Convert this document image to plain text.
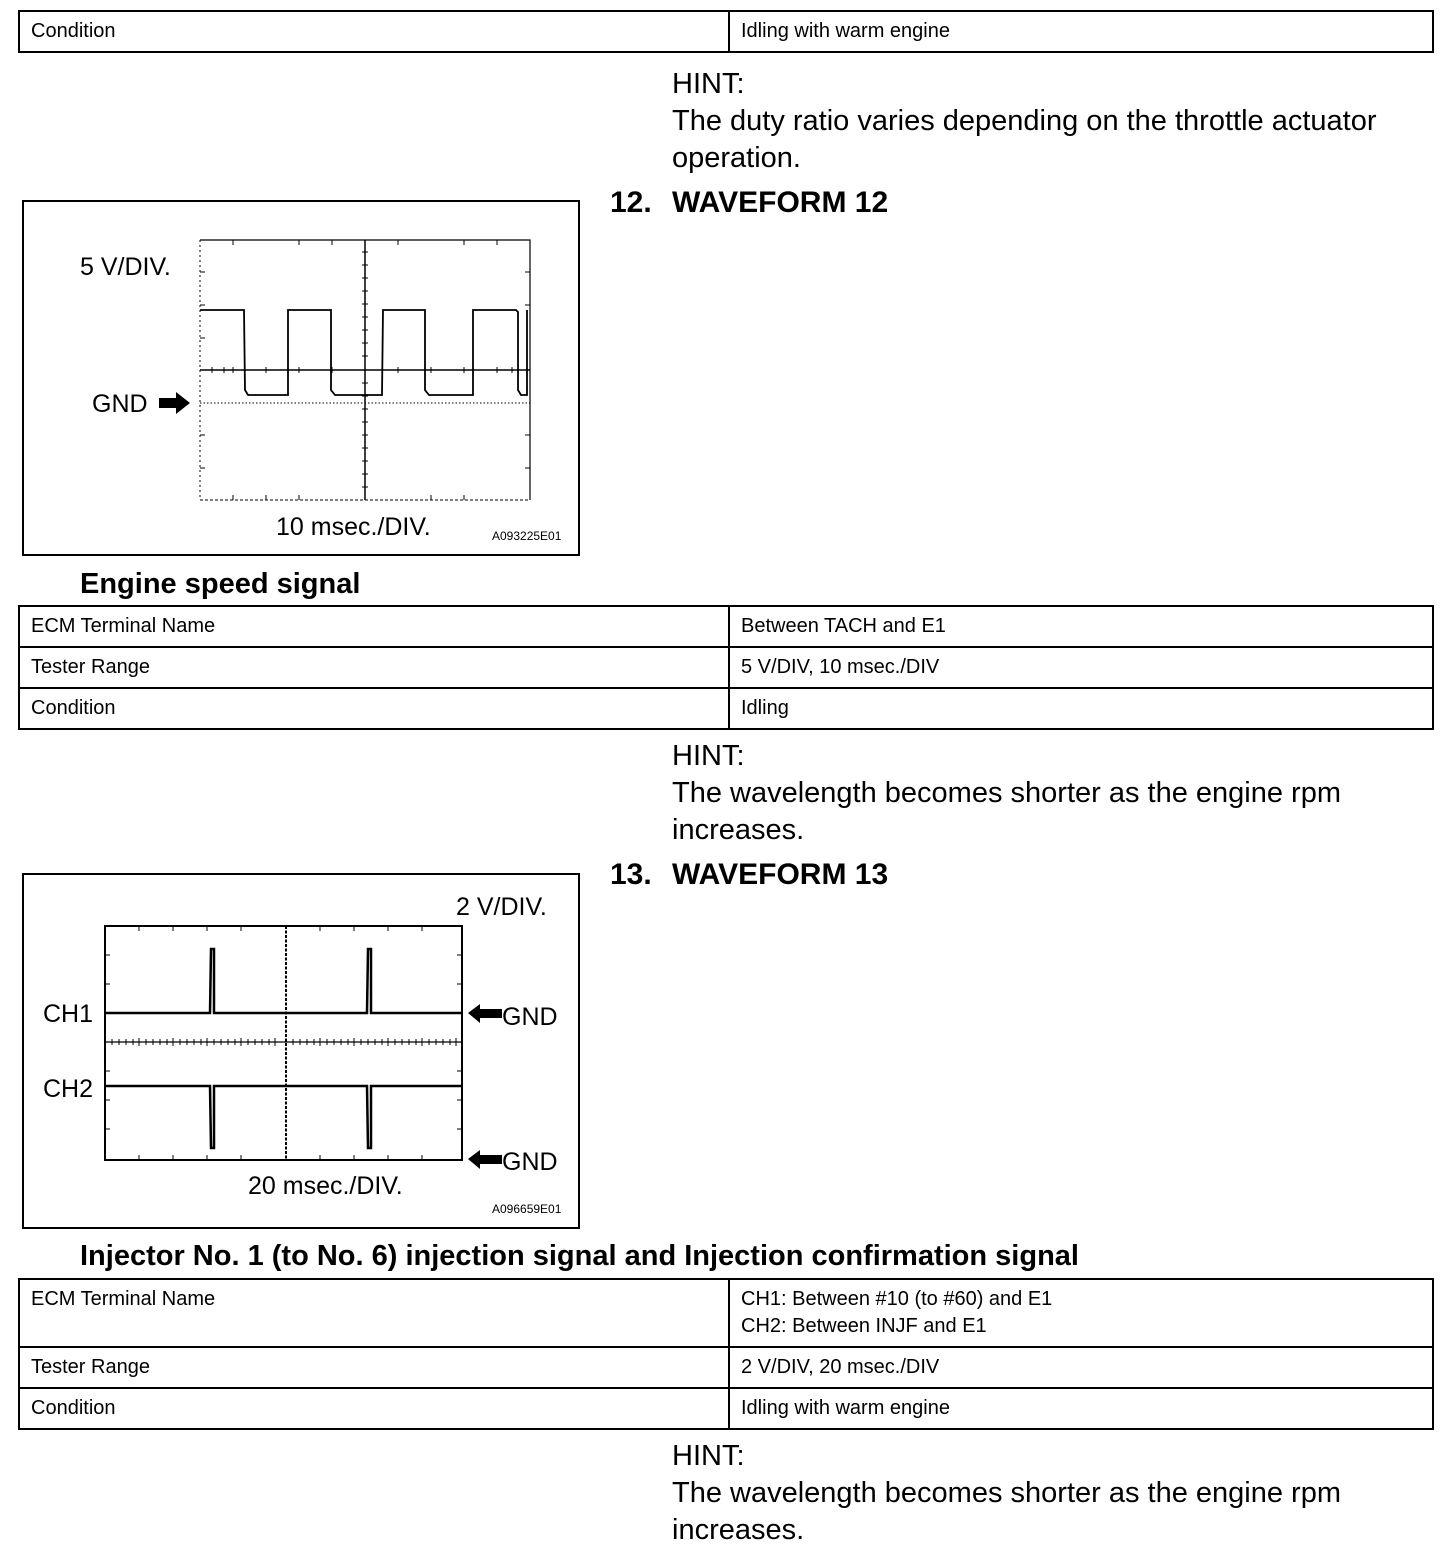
Condition	Idling with warm engine
HINT:
The duty ratio varies depending on the throttle actuator operation.
12. WAVEFORM 12
5 V/DIV.
GND
10 msec./DIV.	A093225E01
Engine speed signal
ECM Terminal Name	Between TACH and E1
Tester Range	5 V/DIV, 10 msec./DIV
Condition	Idling
HINT:
The wavelength becomes shorter as the engine rpm increases.
13. WAVEFORM 13
2 V/DIV.
CH1
CH2
GND
GND
20 msec./DIV.
A096659E01
Injector No. 1 (to No. 6) injection signal and Injection confirmation signal
ECM Terminal Name	CH1: Between #10 (to #60) and E1
CH2: Between INJF and E1

Tester Range	2 V/DIV, 20 msec./DIV
Condition	Idling with warm engine
HINT:
The wavelength becomes shorter as the engine rpm increases.
